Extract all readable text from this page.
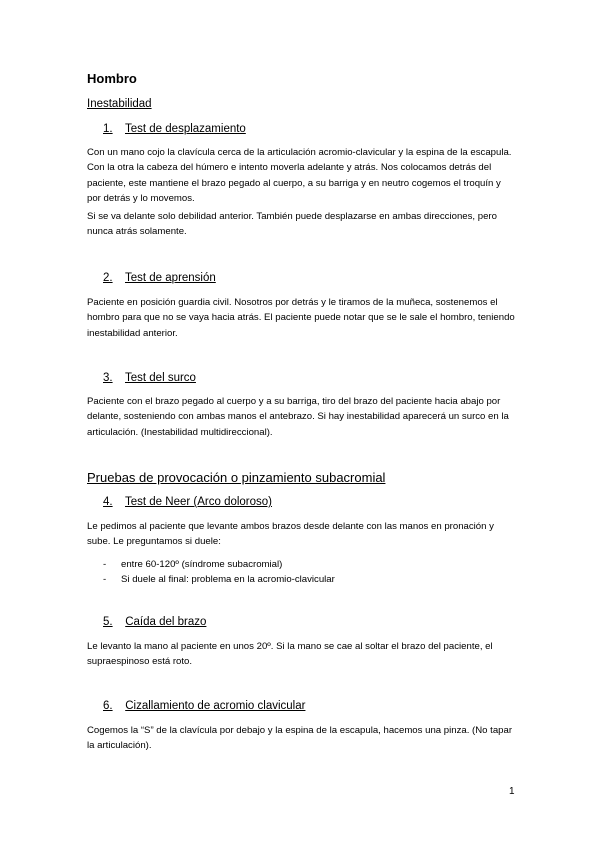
Hombro
Inestabilidad
1. Test de desplazamiento
Con un mano cojo la clavícula cerca de la articulación acromio-clavicular y la espina de la escapula. Con la otra la cabeza del húmero e intento moverla adelante y atrás. Nos colocamos detrás del paciente, este mantiene el brazo pegado al cuerpo, a su barriga y en neutro cogemos el troquín y por detrás y lo movemos.
Si se va delante solo debilidad anterior. También puede desplazarse en ambas direcciones, pero nunca atrás solamente.
2. Test de aprensión
Paciente en posición guardia civil. Nosotros por detrás y le tiramos de la muñeca, sostenemos el hombro para que no se vaya hacia atrás. El paciente puede notar que se le sale el hombro, teniendo inestabilidad anterior.
3. Test del surco
Paciente con el brazo pegado al cuerpo y a su barriga, tiro del brazo del paciente hacia abajo por delante, sosteniendo con ambas manos el antebrazo. Si hay inestabilidad aparecerá un surco en la articulación. (Inestabilidad multidireccional).
Pruebas de provocación o pinzamiento subacromial
4. Test de Neer (Arco doloroso)
Le pedimos al paciente que levante ambos brazos desde delante con las manos en pronación y sube. Le preguntamos si duele:
- entre 60-120º (síndrome subacromial)
- Si duele al final: problema en la acromio-clavicular
5. Caída del brazo
Le levanto la mano al paciente en unos 20º. Si la mano se cae al soltar el brazo del paciente, el supraespinoso está roto.
6. Cizallamiento de acromio clavicular
Cogemos la “S” de la clavícula por debajo y la espina de la escapula, hacemos una pinza. (No tapar la articulación).
1
